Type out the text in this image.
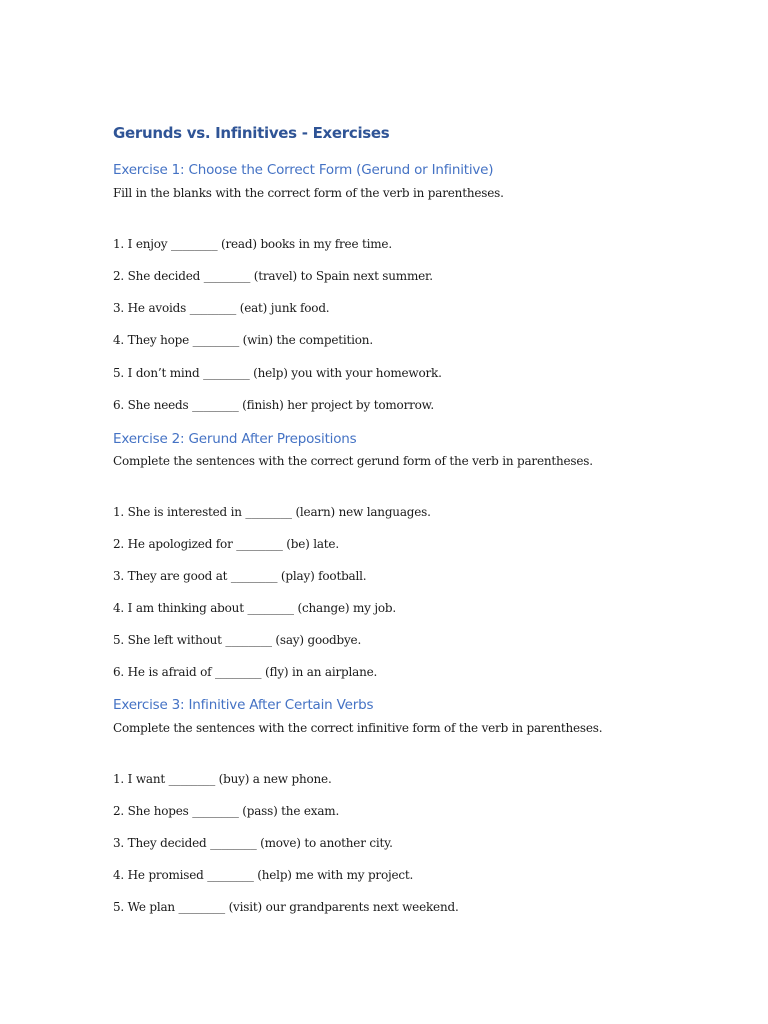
Gerunds vs. Infinitives - Exercises
Exercise 1: Choose the Correct Form (Gerund or Infinitive)

Fill in the blanks with the correct form of the verb in parentheses.

1. I enjoy ________ (read) books in my free time.

2. She decided ________ (travel) to Spain next summer.

3. He avoids ________ (eat) junk food.

4. They hope ________ (win) the competition.

5. I don’t mind ________ (help) you with your homework.

6. She needs ________ (finish) her project by tomorrow.

Exercise 2: Gerund After Prepositions

Complete the sentences with the correct gerund form of the verb in parentheses.

1. She is interested in ________ (learn) new languages.

2. He apologized for ________ (be) late.

3. They are good at ________ (play) football.

4. I am thinking about ________ (change) my job.

5. She left without ________ (say) goodbye.

6. He is afraid of ________ (fly) in an airplane.

Exercise 3: Infinitive After Certain Verbs

Complete the sentences with the correct infinitive form of the verb in parentheses.

1. I want ________ (buy) a new phone.

2. She hopes ________ (pass) the exam.

3. They decided ________ (move) to another city.

4. He promised ________ (help) me with my project.

5. We plan ________ (visit) our grandparents next weekend.
